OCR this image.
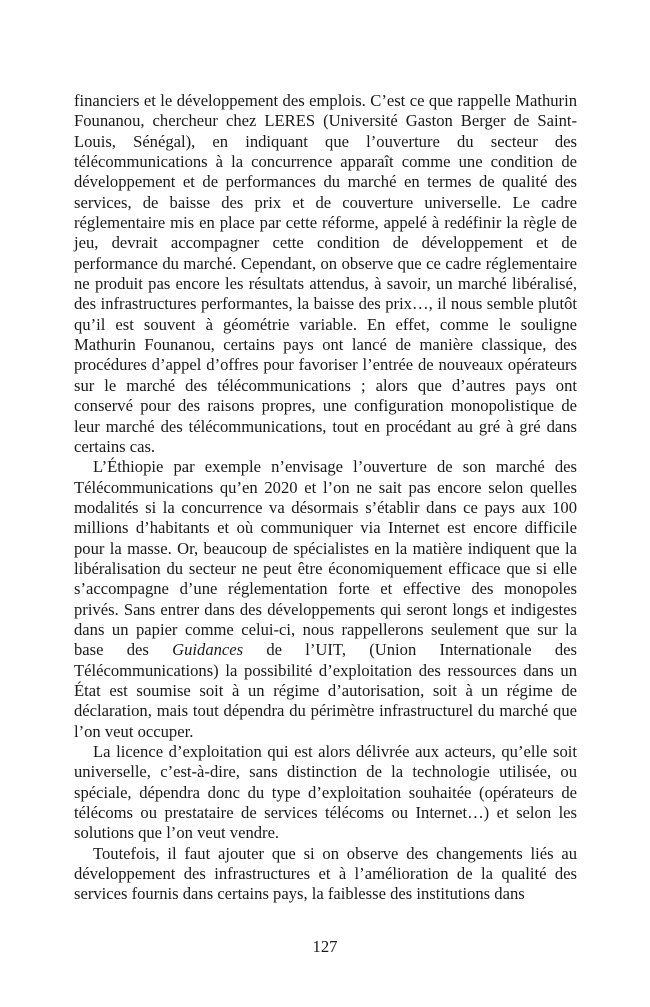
financiers et le développement des emplois. C’est ce que rappelle Mathurin Founanou, chercheur chez LERES (Université Gaston Berger de Saint-Louis, Sénégal), en indiquant que l’ouverture du secteur des télécommunications à la concurrence apparaît comme une condition de développement et de performances du marché en termes de qualité des services, de baisse des prix et de couverture universelle. Le cadre réglementaire mis en place par cette réforme, appelé à redéfinir la règle de jeu, devrait accompagner cette condition de développement et de performance du marché. Cependant, on observe que ce cadre réglementaire ne produit pas encore les résultats attendus, à savoir, un marché libéralisé, des infrastructures performantes, la baisse des prix…, il nous semble plutôt qu’il est souvent à géométrie variable. En effet, comme le souligne Mathurin Founanou, certains pays ont lancé de manière classique, des procédures d’appel d’offres pour favoriser l’entrée de nouveaux opérateurs sur le marché des télécommunications ; alors que d’autres pays ont conservé pour des raisons propres, une configuration monopolistique de leur marché des télécommunications, tout en procédant au gré à gré dans certains cas.

L’Éthiopie par exemple n’envisage l’ouverture de son marché des Télécommunications qu’en 2020 et l’on ne sait pas encore selon quelles modalités si la concurrence va désormais s’établir dans ce pays aux 100 millions d’habitants et où communiquer via Internet est encore difficile pour la masse. Or, beaucoup de spécialistes en la matière indiquent que la libéralisation du secteur ne peut être économiquement efficace que si elle s’accompagne d’une réglementation forte et effective des monopoles privés. Sans entrer dans des développements qui seront longs et indigestes dans un papier comme celui-ci, nous rappellerons seulement que sur la base des Guidances de l’UIT, (Union Internationale des Télécommunications) la possibilité d’exploitation des ressources dans un État est soumise soit à un régime d’autorisation, soit à un régime de déclaration, mais tout dépendra du périmètre infrastructurel du marché que l’on veut occuper.

La licence d’exploitation qui est alors délivrée aux acteurs, qu’elle soit universelle, c’est-à-dire, sans distinction de la technologie utilisée, ou spéciale, dépendra donc du type d’exploitation souhaitée (opérateurs de télécoms ou prestataire de services télécoms ou Internet…) et selon les solutions que l’on veut vendre.

Toutefois, il faut ajouter que si on observe des changements liés au développement des infrastructures et à l’amélioration de la qualité des services fournis dans certains pays, la faiblesse des institutions dans

127
